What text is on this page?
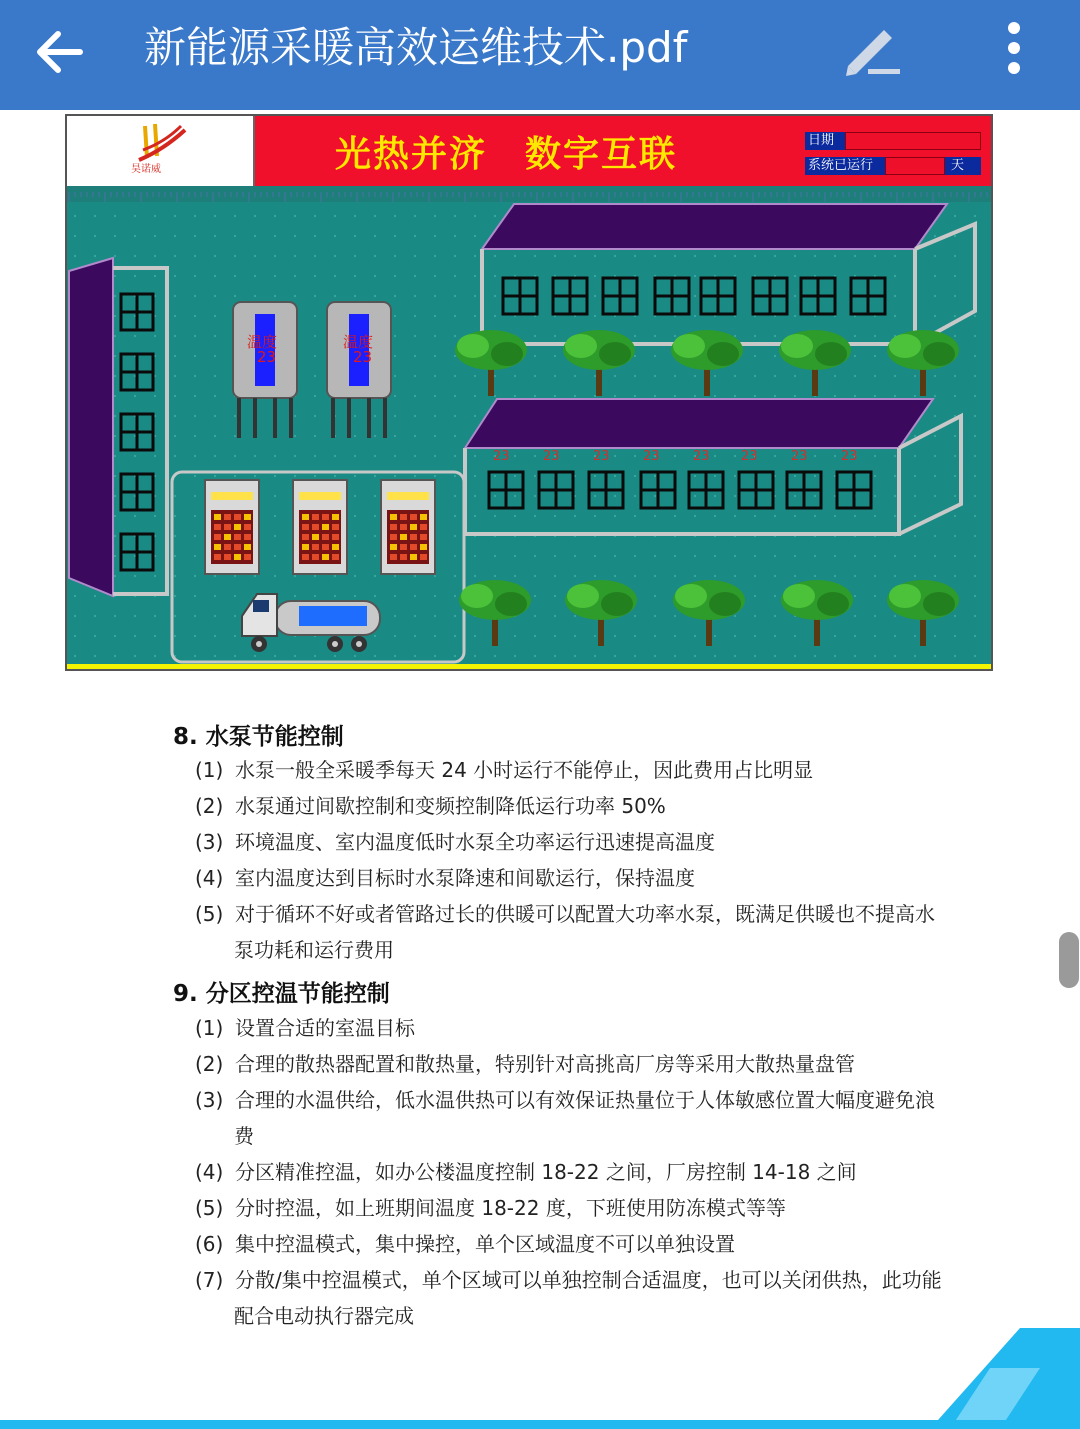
新能源采暖高效运维技术.pdf
昊诺威	光热并济　数字互联	日期
系统已运行	天
温度
23
温度
23
23	23	23	23	23 23	23	23
8. 水泵节能控制
(1) 水泵一般全采暖季每天 24 小时运行不能停止，因此费用占比明显
(2) 水泵通过间歇控制和变频控制降低运行功率 50%
(3) 环境温度、室内温度低时水泵全功率运行迅速提高温度
(4) 室内温度达到目标时水泵降速和间歇运行，保持温度
(5) 对于循环不好或者管路过长的供暖可以配置大功率水泵，既满足供暖也不提高水
泵功耗和运行费用
9. 分区控温节能控制
(1) 设置合适的室温目标
(2) 合理的散热器配置和散热量，特别针对高挑高厂房等采用大散热量盘管
(3) 合理的水温供给，低水温供热可以有效保证热量位于人体敏感位置大幅度避免浪
费
(4) 分区精准控温，如办公楼温度控制 18-22 之间，厂房控制 14-18 之间
(5) 分时控温，如上班期间温度 18-22 度，下班使用防冻模式等等
(6) 集中控温模式，集中操控，单个区域温度不可以单独设置
(7) 分散/集中控温模式，单个区域可以单独控制合适温度，也可以关闭供热，此功能
配合电动执行器完成
